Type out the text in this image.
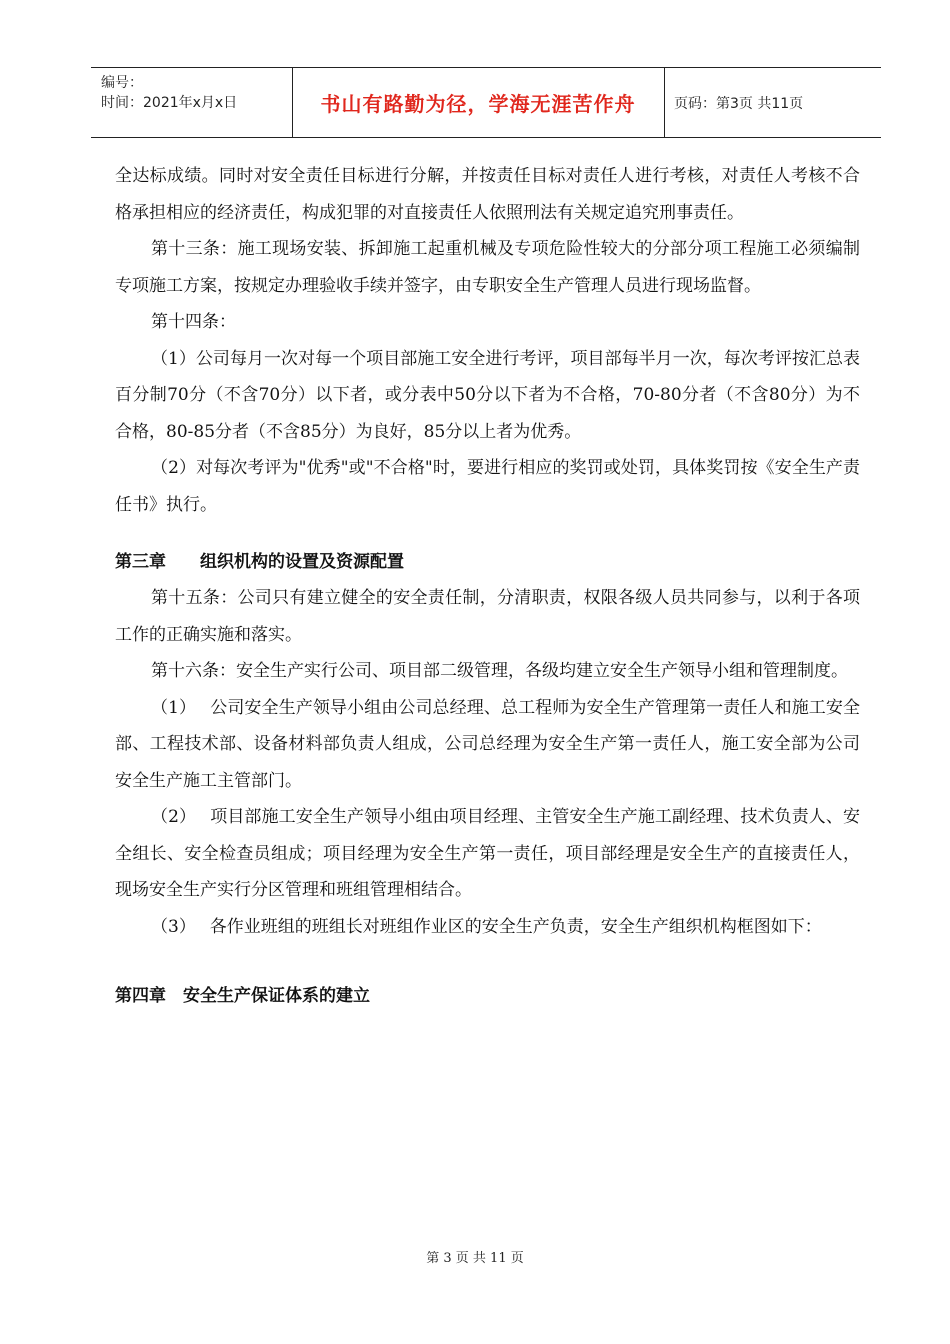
编号：
时间：2021年x月x日	书山有路勤为径，学海无涯苦作舟	页码：第3页 共11页

全达标成绩。同时对安全责任目标进行分解，并按责任目标对责任人进行考核，对责任人考核不合格承担相应的经济责任，构成犯罪的对直接责任人依照刑法有关规定追究刑事责任。

第十三条：施工现场安装、拆卸施工起重机械及专项危险性较大的分部分项工程施工必须编制专项施工方案，按规定办理验收手续并签字，由专职安全生产管理人员进行现场监督。

第十四条：

（1）公司每月一次对每一个项目部施工安全进行考评，项目部每半月一次，每次考评按汇总表百分制70分（不含70分）以下者，或分表中50分以下者为不合格，70-80分者（不含80分）为不合格，80-85分者（不含85分）为良好，85分以上者为优秀。

（2）对每次考评为"优秀"或"不合格"时，要进行相应的奖罚或处罚，具体奖罚按《安全生产责任书》执行。

第三章　　组织机构的设置及资源配置

第十五条：公司只有建立健全的安全责任制，分清职责，权限各级人员共同参与，以利于各项工作的正确实施和落实。

第十六条：安全生产实行公司、项目部二级管理，各级均建立安全生产领导小组和管理制度。

（1）　 公司安全生产领导小组由公司总经理、总工程师为安全生产管理第一责任人和施工安全部、工程技术部、设备材料部负责人组成，公司总经理为安全生产第一责任人，施工安全部为公司安全生产施工主管部门。

（2）　 项目部施工安全生产领导小组由项目经理、主管安全生产施工副经理、技术负责人、安全组长、安全检查员组成；项目经理为安全生产第一责任，项目部经理是安全生产的直接责任人，现场安全生产实行分区管理和班组管理相结合。

（3）　 各作业班组的班组长对班组作业区的安全生产负责，安全生产组织机构框图如下：

第四章　安全生产保证体系的建立

第 3 页 共 11 页
